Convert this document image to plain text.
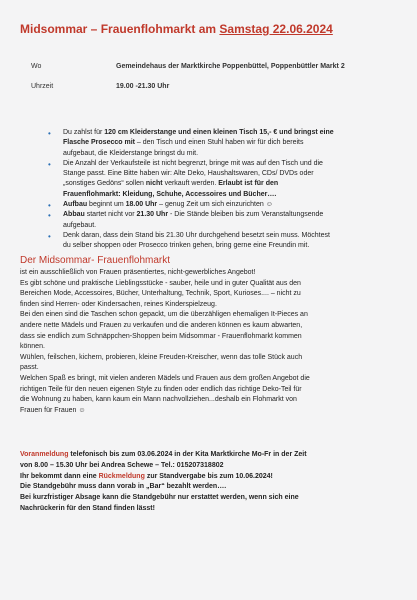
Midsommar – Frauenflohmarkt am Samstag 22.06.2024
Wo	Gemeindehaus der Marktkirche Poppenbüttel, Poppenbüttler Markt 2
Uhrzeit	19.00 -21.30 Uhr
•	Du zahlst für 120 cm Kleiderstange und einen kleinen Tisch 15,- € und bringst eine
Flasche Prosecco mit – den Tisch und einen Stuhl haben wir für dich bereits
aufgebaut, die Kleiderstange bringst du mit.
•	Die Anzahl der Verkaufsteile ist nicht begrenzt, bringe mit was auf den Tisch und die
Stange passt. Eine Bitte haben wir: Alte Deko, Haushaltswaren, CDs/ DVDs oder
„sonstiges Gedöns“ sollen nicht verkauft werden. Erlaubt ist für den
Frauenflohmarkt: Kleidung, Schuhe, Accessoires und Bücher….
•	Aufbau beginnt um 18.00 Uhr – genug Zeit um sich einzurichten ☺
•	Abbau startet nicht vor 21.30 Uhr - Die Stände bleiben bis zum Veranstaltungsende
aufgebaut.
•	Denk daran, dass dein Stand bis 21.30 Uhr durchgehend besetzt sein muss. Möchtest
du selber shoppen oder Prosecco trinken gehen, bring gerne eine Freundin mit.
Der Midsommar- Frauenflohmarkt
ist ein ausschließlich von Frauen präsentiertes, nicht-gewerbliches Angebot!
Es gibt schöne und praktische Lieblingsstücke - sauber, heile und in guter Qualität aus den
Bereichen Mode, Accessoires, Bücher, Unterhaltung, Technik, Sport, Kurioses.... – nicht zu
finden sind Herren- oder Kindersachen, reines Kinderspielzeug.
Bei den einen sind die Taschen schon gepackt, um die überzähligen ehemaligen It-Pieces an
andere nette Mädels und Frauen zu verkaufen und die anderen können es kaum abwarten,
dass sie endlich zum Schnäppchen-Shoppen beim Midsommar - Frauenflohmarkt kommen
können.
Wühlen, feilschen, kichern, probieren, kleine Freuden-Kreischer, wenn das tolle Stück auch
passt.
Welchen Spaß es bringt, mit vielen anderen Mädels und Frauen aus dem großen Angebot die
richtigen Teile für den neuen eigenen Style zu finden oder endlich das richtige Deko-Teil für
die Wohnung zu haben, kann kaum ein Mann nachvollziehen...deshalb ein Flohmarkt von
Frauen für Frauen ☺
Voranmeldung telefonisch bis zum 03.06.2024 in der Kita Marktkirche Mo-Fr in der Zeit
von 8.00 – 15.30 Uhr bei Andrea Schewe – Tel.: 015207318802
Ihr bekommt dann eine Rückmeldung zur Standvergabe bis zum 10.06.2024!
Die Standgebühr muss dann vorab in „Bar“ bezahlt werden….
Bei kurzfristiger Absage kann die Standgebühr nur erstattet werden, wenn sich eine
Nachrückerin für den Stand finden lässt!
